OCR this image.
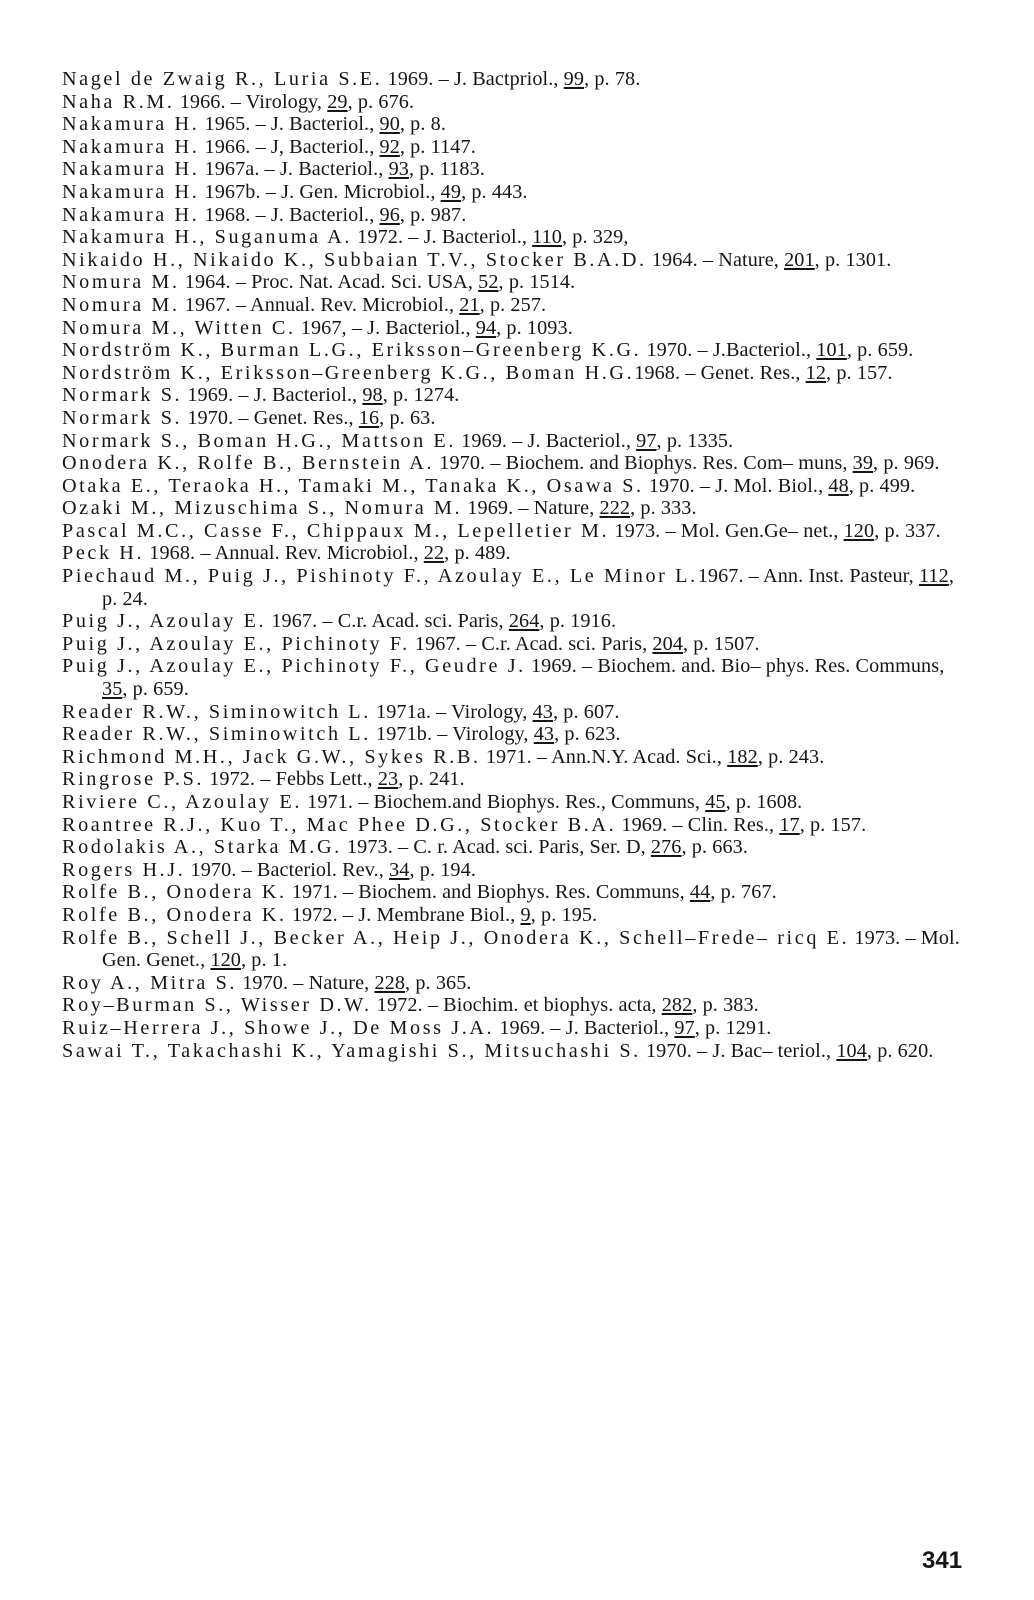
Nagel de Zwaig R., Luria S.E. 1969. – J. Bactpriol., 99, p. 78.
Naha R.M. 1966. – Virology, 29, p. 676.
Nakamura H. 1965. – J. Bacteriol., 90, p. 8.
Nakamura H. 1966. – J, Bacteriol., 92, p. 1147.
Nakamura H. 1967a. – J. Bacteriol., 93, p. 1183.
Nakamura H. 1967b. – J. Gen. Microbiol., 49, p. 443.
Nakamura H. 1968. – J. Bacteriol., 96, p. 987.
Nakamura H., Suganuma A. 1972. – J. Bacteriol., 110, p. 329,
Nikaido H., Nikaido K., Subbaian T.V., Stocker B.A.D. 1964. – Nature, 201, p. 1301.
Nomura M. 1964. – Proc. Nat. Acad. Sci. USA, 52, p. 1514.
Nomura M. 1967. – Annual. Rev. Microbiol., 21, p. 257.
Nomura M., Witten C. 1967, – J. Bacteriol., 94, p. 1093.
Nordström K., Burman L.G., Eriksson–Greenberg K.G. 1970. – J.Bacteriol., 101, p. 659.
Nordström K., Eriksson–Greenberg K.G., Boman H.G.1968. – Genet. Res., 12, p. 157.
Normark S. 1969. – J. Bacteriol., 98, p. 1274.
Normark S. 1970. – Genet. Res., 16, p. 63.
Normark S., Boman H.G., Mattson E. 1969. – J. Bacteriol., 97, p. 1335.
Onodera K., Rolfe B., Bernstein A. 1970. – Biochem. and Biophys. Res. Com– muns, 39, p. 969.
Otaka E., Teraoka H., Tamaki M., Tanaka K., Osawa S. 1970. – J. Mol. Biol., 48, p. 499.
Ozaki M., Mizuschima S., Nomura M. 1969. – Nature, 222, p. 333.
Pascal M.C., Casse F., Chippaux M., Lepelletier M. 1973. – Mol. Gen.Ge– net., 120, p. 337.
Peck H. 1968. – Annual. Rev. Microbiol., 22, p. 489.
Piechaud M., Puig J., Pishinoty F., Azoulay E., Le Minor L.1967. – Ann. Inst. Pasteur, 112, p. 24.
Puig J., Azoulay E. 1967. – C.r. Acad. sci. Paris, 264, p. 1916.
Puig J., Azoulay E., Pichinoty F. 1967. – C.r. Acad. sci. Paris, 204, p. 1507.
Puig J., Azoulay E., Pichinoty F., Geudre J. 1969. – Biochem. and. Bio– phys. Res. Communs, 35, p. 659.
Reader R.W., Siminowitch L. 1971a. – Virology, 43, p. 607.
Reader R.W., Siminowitch L. 1971b. – Virology, 43, p. 623.
Richmond M.H., Jack G.W., Sykes R.B. 1971. – Ann.N.Y. Acad. Sci., 182, p. 243.
Ringrose P.S. 1972. – Febbs Lett., 23, p. 241.
Riviere C., Azoulay E. 1971. – Biochem.and Biophys. Res., Communs, 45, p. 1608.
Roantree R.J., Kuo T., Mac Phee D.G., Stocker B.A. 1969. – Clin. Res., 17, p. 157.
Rodolakis A., Starka M.G. 1973. – C. r. Acad. sci. Paris, Ser. D, 276, p. 663.
Rogers H.J. 1970. – Bacteriol. Rev., 34, p. 194.
Rolfe B., Onodera K. 1971. – Biochem. and Biophys. Res. Communs, 44, p. 767.
Rolfe B., Onodera K. 1972. – J. Membrane Biol., 9, p. 195.
Rolfe B., Schell J., Becker A., Heip J., Onodera K., Schell–Frede– ricq E. 1973. – Mol. Gen. Genet., 120, p. 1.
Roy A., Mitra S. 1970. – Nature, 228, p. 365.
Roy–Burman S., Wisser D.W. 1972. – Biochim. et biophys. acta, 282, p. 383.
Ruiz–Herrera J., Showe J., De Moss J.A. 1969. – J. Bacteriol., 97, p. 1291.
Sawai T., Takachashi K., Yamagishi S., Mitsuchashi S. 1970. – J. Bac– teriol., 104, p. 620.
341
